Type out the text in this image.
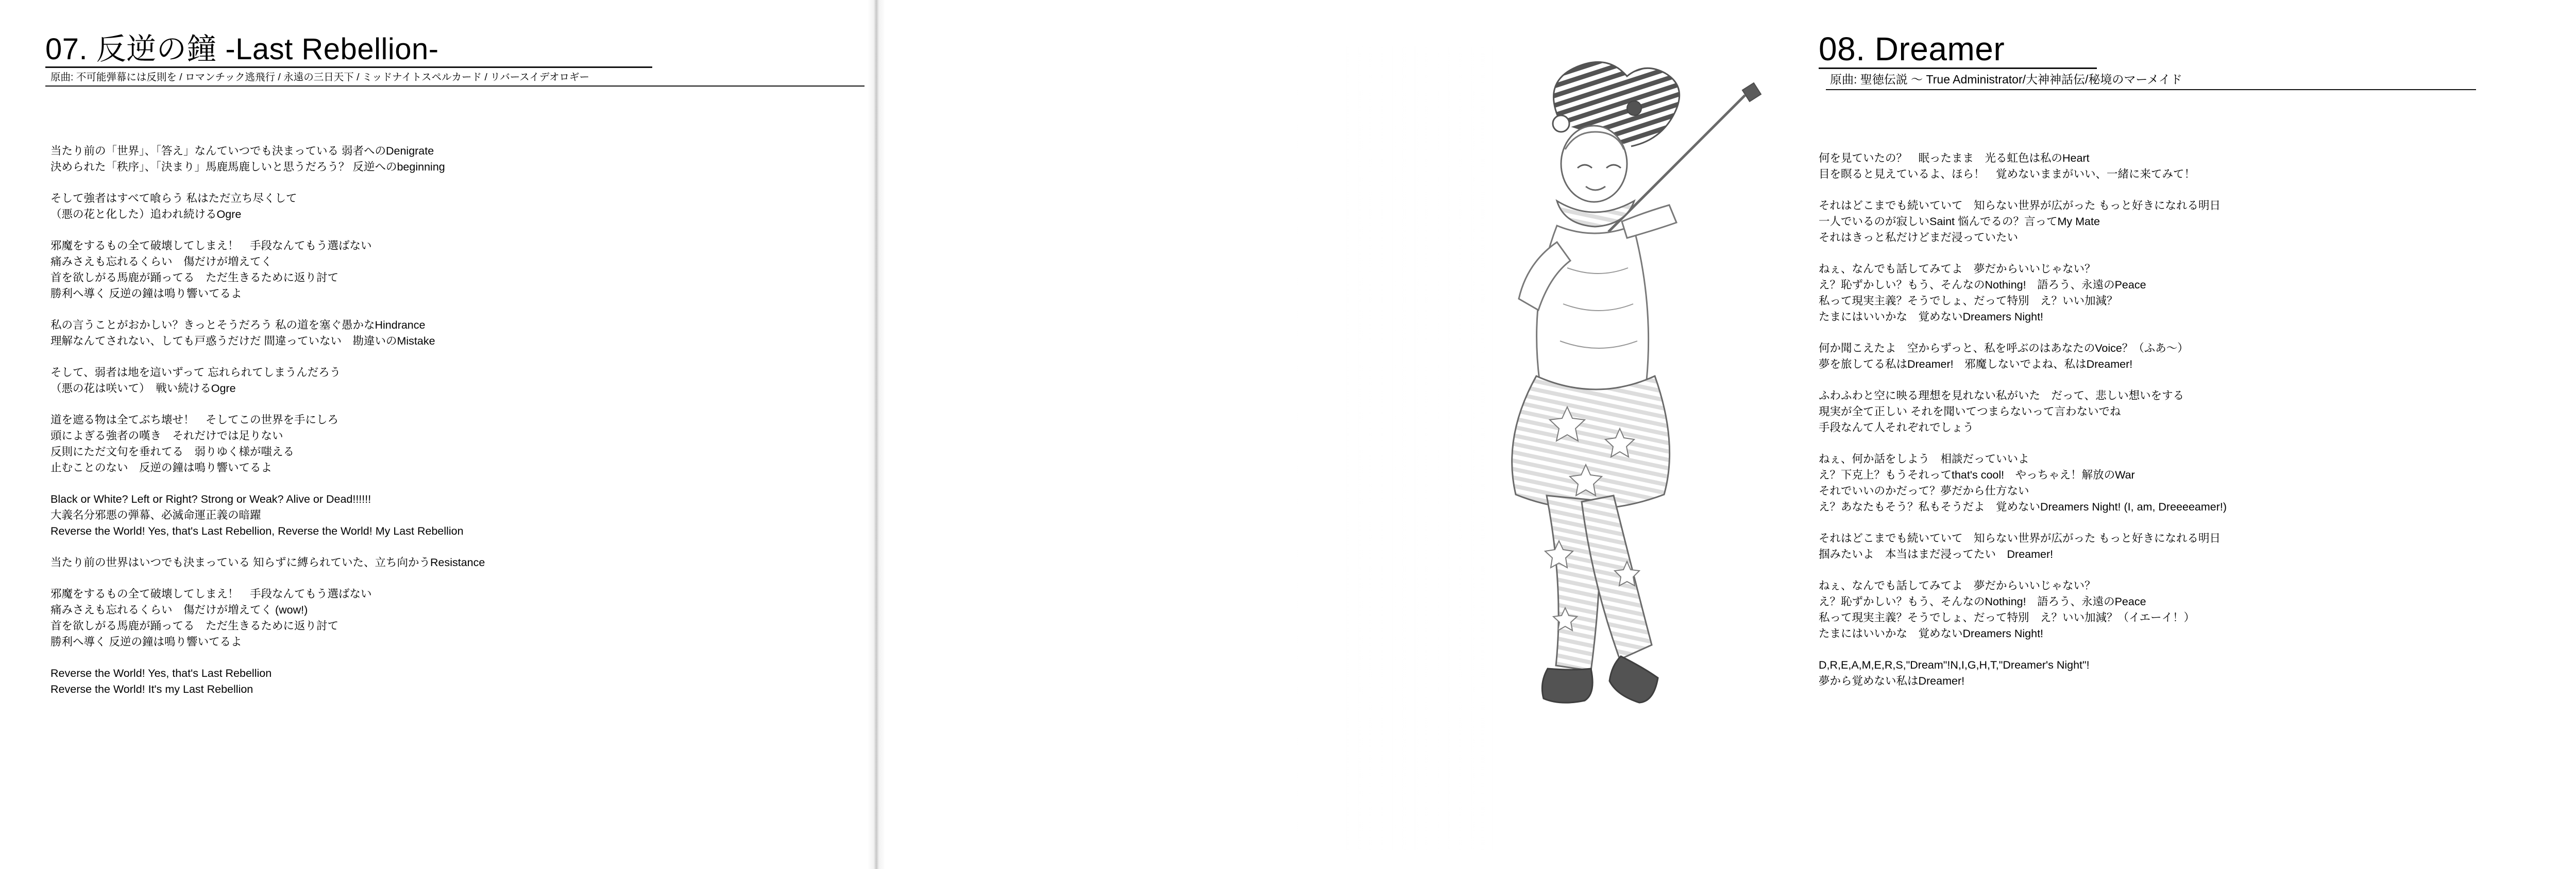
07. 反逆の鐘 -Last Rebellion-
原曲: 不可能弾幕には反則を / ロマンチック逃飛行 / 永遠の三日天下 / ミッドナイトスペルカード / リバースイデオロギー
当たり前の「世界」、「答え」なんていつでも決まっている 弱者へのDenigrate
決められた「秩序」、「決まり」馬鹿馬鹿しいと思うだろう？ 反逆へのbeginning
そして強者はすべて喰らう 私はただ立ち尽くして
（悪の花と化した）追われ続けるOgre
邪魔をするもの全て破壊してしまえ！　手段なんてもう選ばない
痛みさえも忘れるくらい　傷だけが増えてく
首を欲しがる馬鹿が踊ってる　ただ生きるために返り討て
勝利へ導く 反逆の鐘は鳴り響いてるよ
私の言うことがおかしい？きっとそうだろう 私の道を塞ぐ愚かなHindrance
理解なんてされない、しても戸惑うだけだ 間違っていない　勘違いのMistake
そして、弱者は地を這いずって 忘れられてしまうんだろう
（悪の花は咲いて）　戦い続けるOgre
道を遮る物は全てぶち壊せ！　そしてこの世界を手にしろ
頭によぎる強者の嘆き　それだけでは足りない
反則にただ文句を垂れてる　弱りゆく様が嗤える
止むことのない　反逆の鐘は鳴り響いてるよ
Black or White? Left or Right? Strong or Weak? Alive or Dead!!!!!!
大義名分邪悪の弾幕、必滅命運正義の暗躍
Reverse the World! Yes, that's Last Rebellion, Reverse the World! My Last Rebellion
当たり前の世界はいつでも決まっている 知らずに縛られていた、立ち向かうResistance
邪魔をするもの全て破壊してしまえ！　手段なんてもう選ばない
痛みさえも忘れるくらい　傷だけが増えてく (wow!)
首を欲しがる馬鹿が踊ってる　ただ生きるために返り討て
勝利へ導く 反逆の鐘は鳴り響いてるよ
Reverse the World! Yes, that's Last Rebellion
Reverse the World! It's my Last Rebellion
08. Dreamer
原曲: 聖徳伝説 ～ True Administrator/大神神話伝/秘境のマーメイド
何を見ていたの？　眠ったまま　光る虹色は私のHeart
目を瞑ると見えているよ、ほら！　覚めないままがいい、一緒に来てみて！
それはどこまでも続いていて　知らない世界が広がった もっと好きになれる明日
一人でいるのが寂しいSaint 悩んでるの？言ってMy Mate
それはきっと私だけどまだ浸っていたい
ねぇ、なんでも話してみてよ　夢だからいいじゃない？
え？恥ずかしい？もう、そんなのNothing!　語ろう、永遠のPeace
私って現実主義？そうでしょ、だって特別　え？いい加減？
たまにはいいかな　覚めないDreamers Night!
何か聞こえたよ　空からずっと、私を呼ぶのはあなたのVoice？（ふあ〜）
夢を旅してる私はDreamer!　邪魔しないでよね、私はDreamer!
ふわふわと空に映る理想を見れない私がいた　だって、悲しい想いをする
現実が全て正しい それを聞いてつまらないって言わないでね
手段なんて人それぞれでしょう
ねぇ、何か話をしよう　相談だっていいよ
え？下克上？もうそれってthat's cool!　やっちゃえ！解放のWar
それでいいのかだって？夢だから仕方ない
え？あなたもそう？私もそうだよ　覚めないDreamers Night! (I, am, Dreeeeamer!)
それはどこまでも続いていて　知らない世界が広がった もっと好きになれる明日
掴みたいよ　本当はまだ浸ってたい　Dreamer!
ねぇ、なんでも話してみてよ　夢だからいいじゃない？
え？恥ずかしい？もう、そんなのNothing!　語ろう、永遠のPeace
私って現実主義？そうでしょ、だって特別　え？いい加減？（イエーイ！）
たまにはいいかな　覚めないDreamers Night!
D,R,E,A,M,E,R,S,"Dream"!N,I,G,H,T,"Dreamer's Night"!
夢から覚めない私はDreamer!
